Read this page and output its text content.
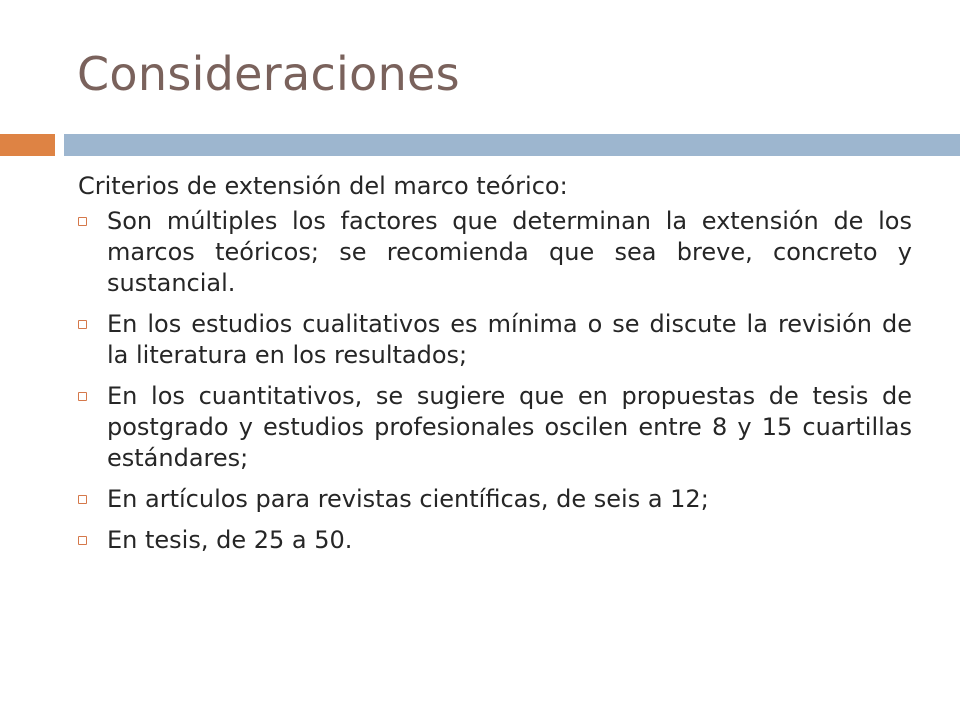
Consideraciones
Criterios de extensión del marco teórico:
Son múltiples los factores que determinan la extensión de los marcos teóricos; se recomienda que sea breve, concreto y sustancial.
En los estudios cualitativos es mínima o se discute la revisión de la literatura en los resultados;
En los cuantitativos, se sugiere que en propuestas de tesis de postgrado y estudios profesionales oscilen entre 8 y 15 cuartillas estándares;
En artículos para revistas científicas, de seis a 12;
En tesis, de 25 a 50.
